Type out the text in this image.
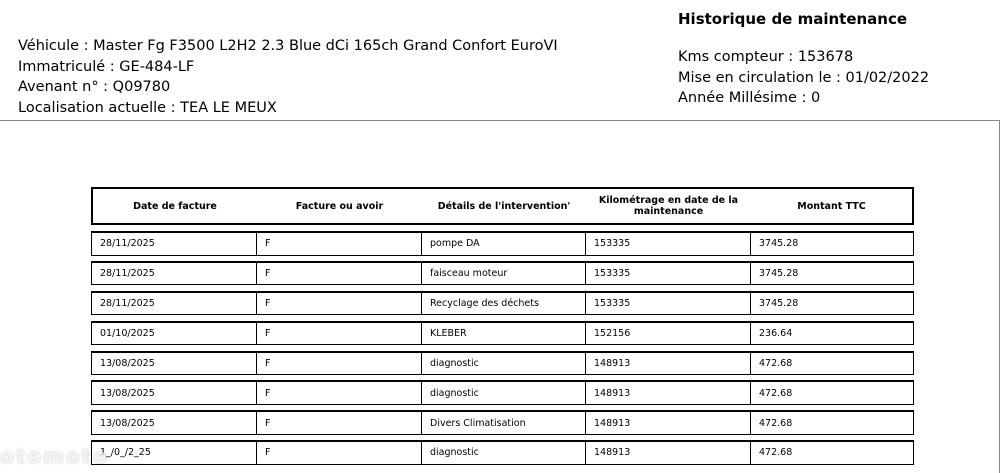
Véhicule : Master Fg F3500 L2H2 2.3 Blue dCi 165ch Grand Confort EuroVI
Immatriculé : GE-484-LF
Avenant n° : Q09780
Localisation actuelle : TEA LE MEUX
Historique de maintenance
Kms compteur : 153678
Mise en circulation le : 01/02/2022
Année Millésime : 0
Date de facture	Facture ou avoir	Détails de l'intervention'	Kilométrage en date de la maintenance	Montant TTC
28/11/2025	F	pompe DA	153335	3745.28
28/11/2025	F	faisceau moteur	153335	3745.28
28/11/2025	F	Recyclage des déchets	153335	3745.28
01/10/2025	F	KLEBER	152156	236.64
13/08/2025	F	diagnostic	148913	472.68
13/08/2025	F	diagnostic	148913	472.68
13/08/2025	F	Divers Climatisation	148913	472.68
1_/0_/2_25	F	diagnostic	148913	472.68
otomoto
